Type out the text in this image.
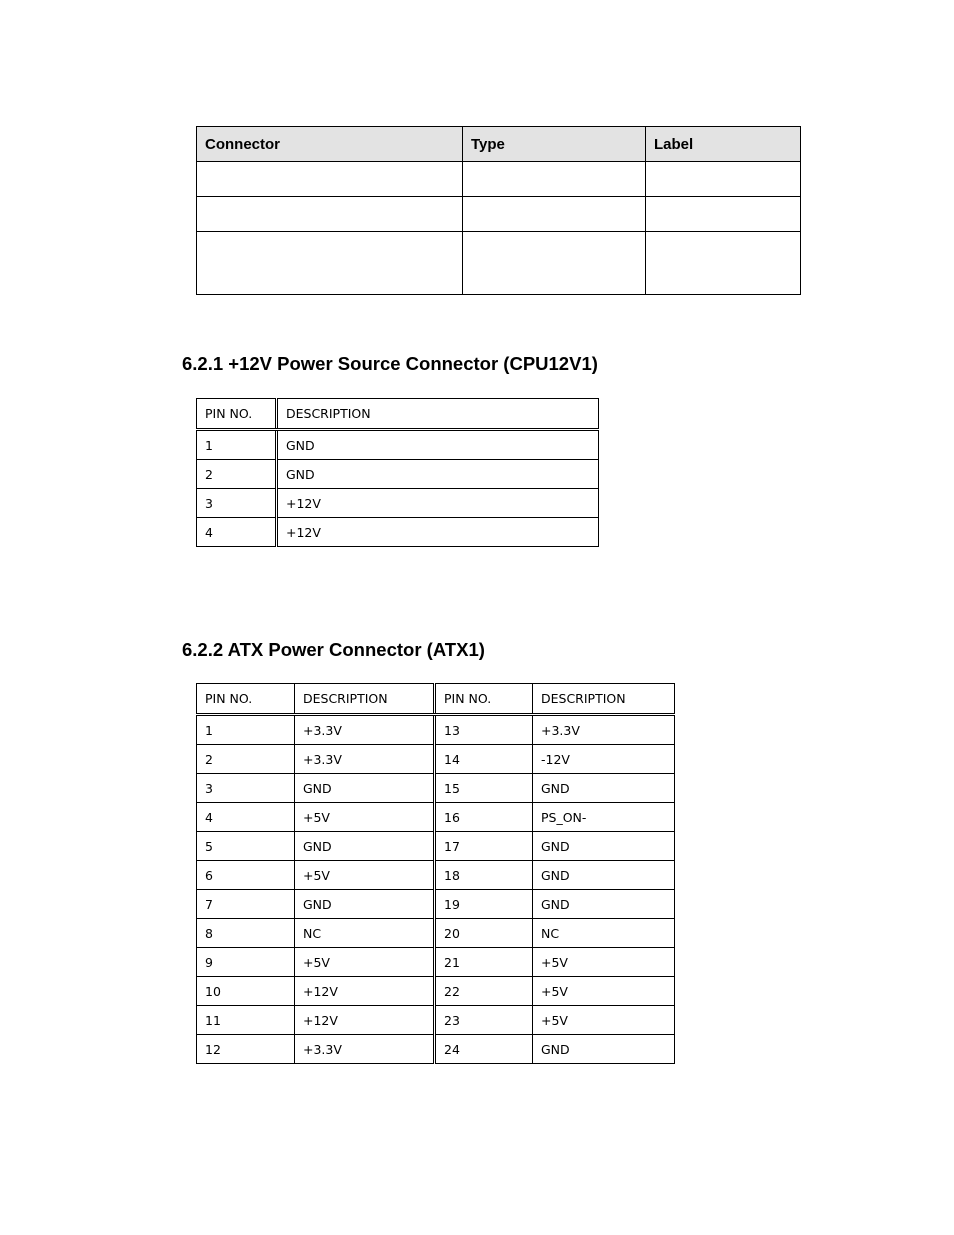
Connector	Type	Label

6.2.1 +12V Power Source Connector (CPU12V1)
PIN NO.	DESCRIPTION
1	GND
2	GND
3	+12V
4	+12V
6.2.2 ATX Power Connector (ATX1)
PIN NO.	DESCRIPTION	PIN NO.	DESCRIPTION
1	+3.3V	13	+3.3V
2	+3.3V	14	-12V
3	GND	15	GND
4	+5V	16	PS_ON-
5	GND	17	GND
6	+5V	18	GND
7	GND	19	GND
8	NC	20	NC
9	+5V	21	+5V
10	+12V	22	+5V
11	+12V	23	+5V
12	+3.3V	24	GND
